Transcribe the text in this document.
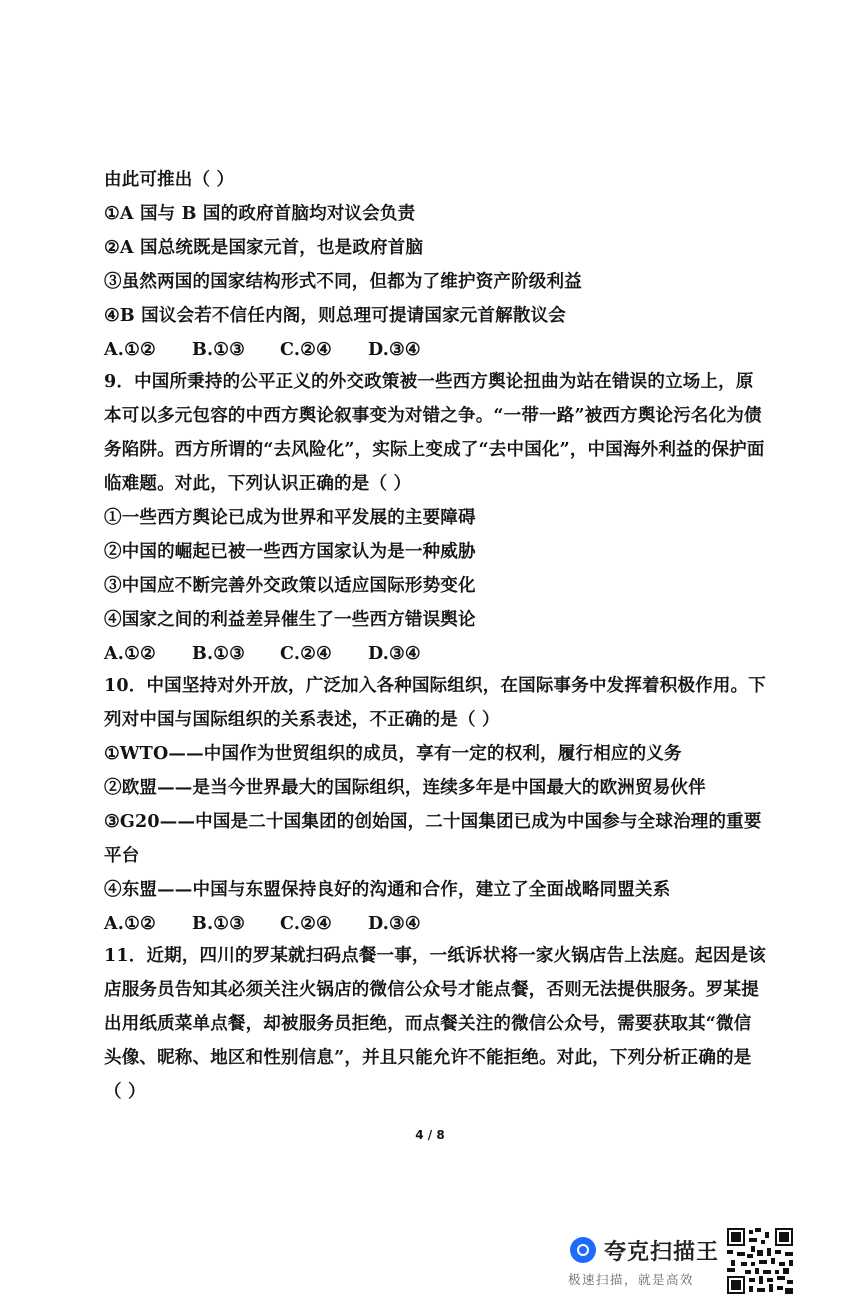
由此可推出（ ）
①A 国与 B 国的政府首脑均对议会负责
②A 国总统既是国家元首，也是政府首脑
③虽然两国的国家结构形式不同，但都为了维护资产阶级利益
④B 国议会若不信任内阁，则总理可提请国家元首解散议会
A.①② B.①③ C.②④ D.③④
9．中国所秉持的公平正义的外交政策被一些西方舆论扭曲为站在错误的立场上，原
本可以多元包容的中西方舆论叙事变为对错之争。“一带一路”被西方舆论污名化为债
务陷阱。西方所谓的“去风险化”，实际上变成了“去中国化”，中国海外利益的保护面
临难题。对此，下列认识正确的是（ ）
①一些西方舆论已成为世界和平发展的主要障碍
②中国的崛起已被一些西方国家认为是一种威胁
③中国应不断完善外交政策以适应国际形势变化
④国家之间的利益差异催生了一些西方错误舆论
A.①② B.①③ C.②④ D.③④
10．中国坚持对外开放，广泛加入各种国际组织，在国际事务中发挥着积极作用。下
列对中国与国际组织的关系表述，不正确的是（ ）
①WTO——中国作为世贸组织的成员，享有一定的权利，履行相应的义务
②欧盟——是当今世界最大的国际组织，连续多年是中国最大的欧洲贸易伙伴
③G20——中国是二十国集团的创始国，二十国集团已成为中国参与全球治理的重要
平台
④东盟——中国与东盟保持良好的沟通和合作，建立了全面战略同盟关系
A.①② B.①③ C.②④ D.③④
11．近期，四川的罗某就扫码点餐一事，一纸诉状将一家火锅店告上法庭。起因是该
店服务员告知其必须关注火锅店的微信公众号才能点餐，否则无法提供服务。罗某提
出用纸质菜单点餐，却被服务员拒绝，而点餐关注的微信公众号，需要获取其“微信
头像、昵称、地区和性别信息”，并且只能允许不能拒绝。对此，下列分析正确的是
（ ）
4 / 8
夸克扫描王
极速扫描，就是高效
